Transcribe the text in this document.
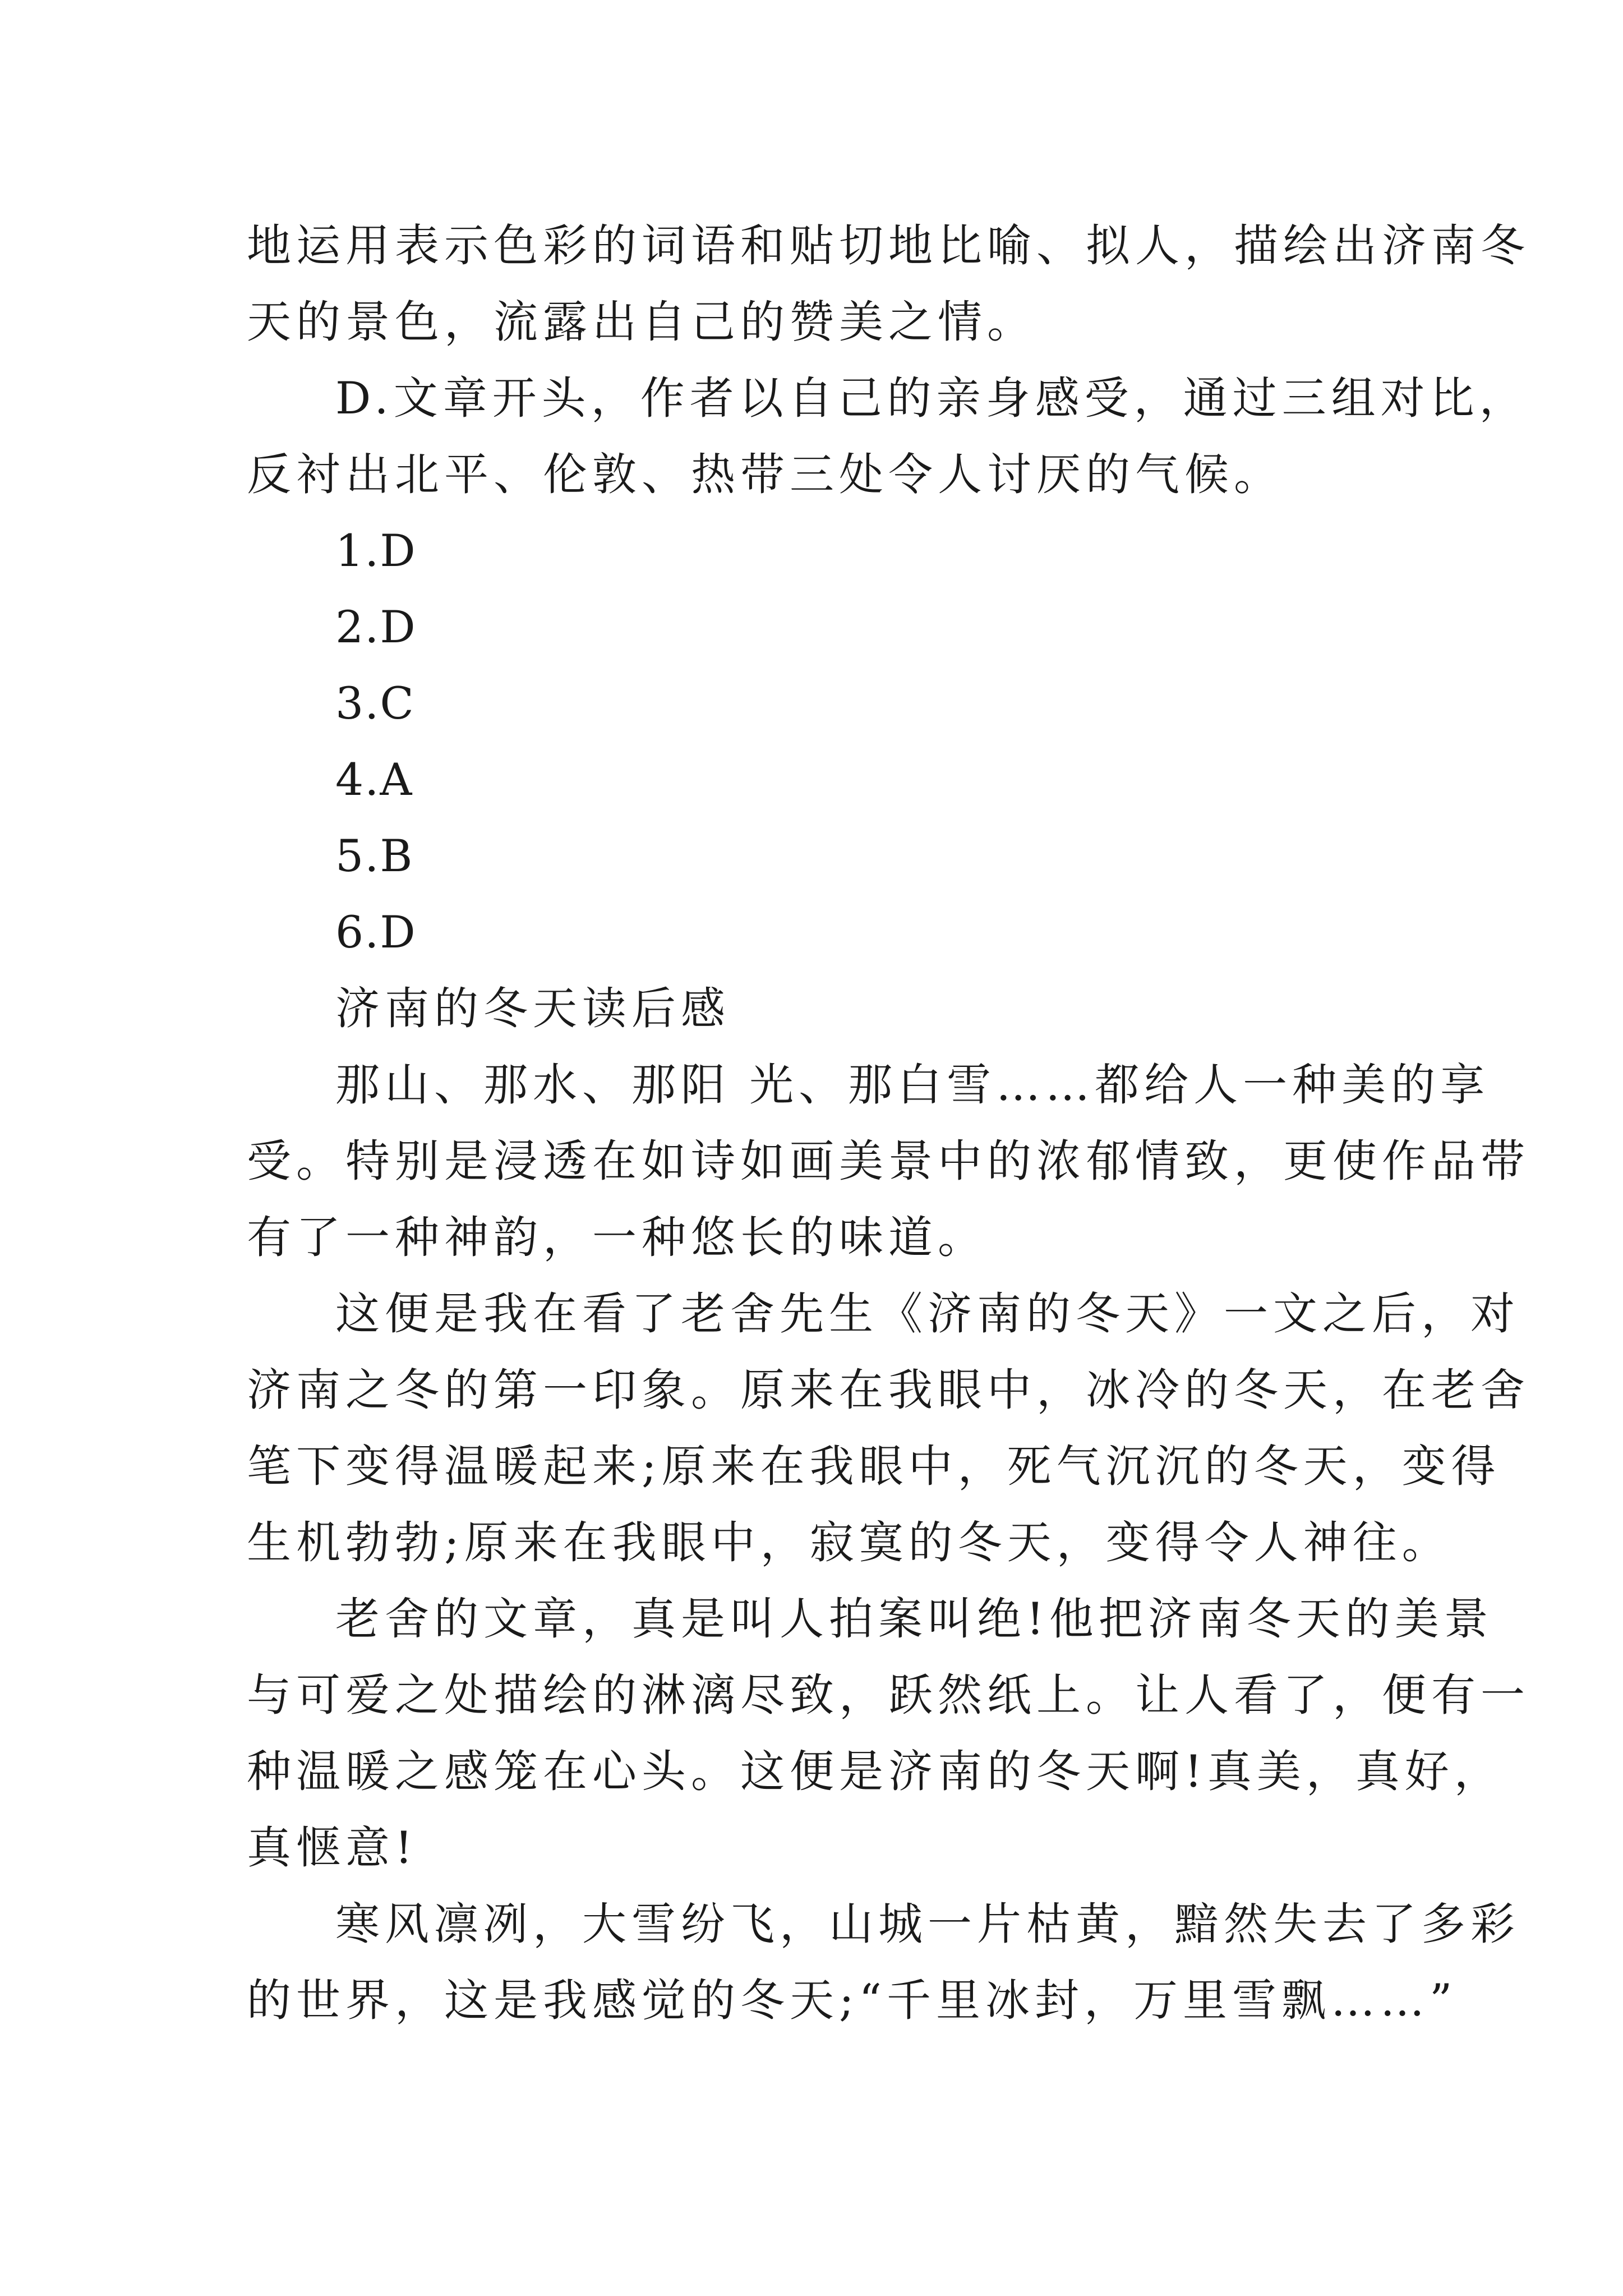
地运用表示色彩的词语和贴切地比喻、拟人，描绘出济南冬
天的景色，流露出自己的赞美之情。
D.文章开头，作者以自己的亲身感受，通过三组对比，
反衬出北平、伦敦、热带三处令人讨厌的气候。
1.D
2.D
3.C
4.A
5.B
6.D
济南的冬天读后感
那山、那水、那阳 光、那白雪……都给人一种美的享
受。特别是浸透在如诗如画美景中的浓郁情致，更使作品带
有了一种神韵，一种悠长的味道。
这便是我在看了老舍先生《济南的冬天》一文之后，对
济南之冬的第一印象。原来在我眼中，冰冷的冬天，在老舍
笔下变得温暖起来;原来在我眼中，死气沉沉的冬天，变得
生机勃勃;原来在我眼中，寂寞的冬天，变得令人神往。
老舍的文章，真是叫人拍案叫绝!他把济南冬天的美景
与可爱之处描绘的淋漓尽致，跃然纸上。让人看了，便有一
种温暖之感笼在心头。这便是济南的冬天啊!真美，真好，
真惬意!
寒风凛冽，大雪纷飞，山城一片枯黄，黯然失去了多彩
的世界，这是我感觉的冬天;“千里冰封，万里雪飘……”
